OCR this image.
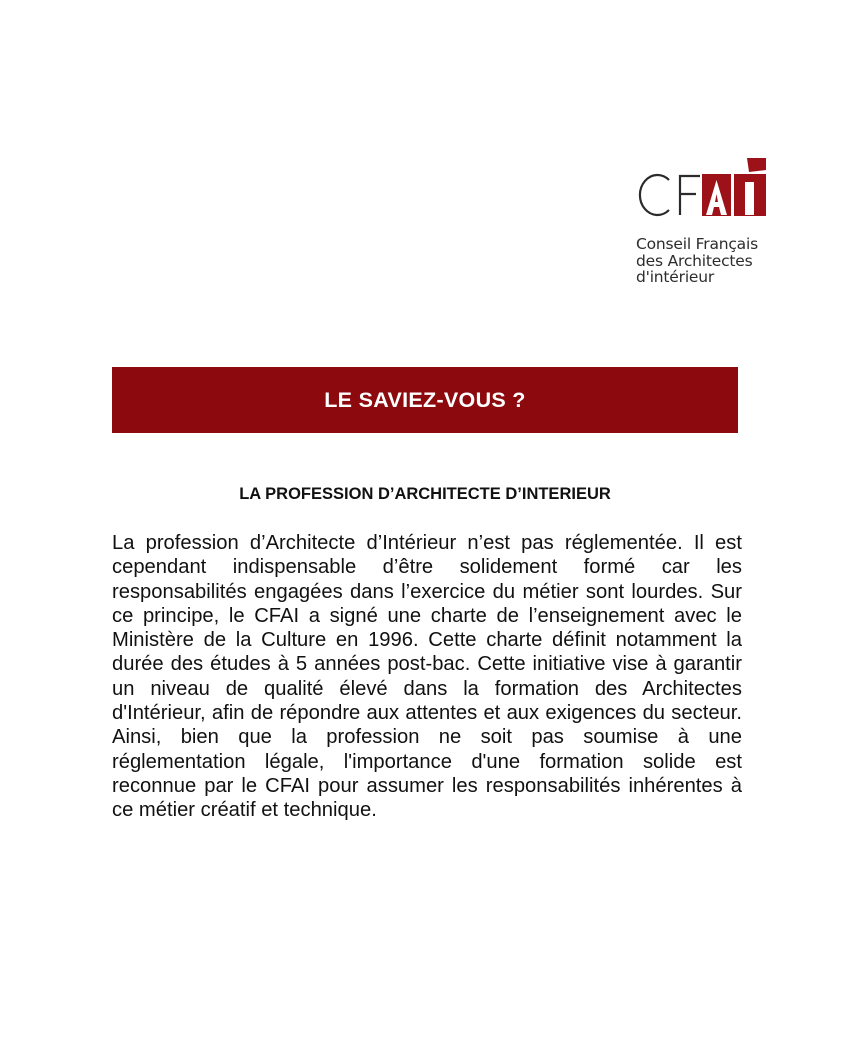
Conseil Français
des Architectes
d'intérieur
LE SAVIEZ-VOUS ?
LA PROFESSION D’ARCHITECTE D’INTERIEUR

La profession d’Architecte d’Intérieur n’est pas réglementée. Il est cependant indispensable d’être solidement formé car les responsabilités engagées dans l’exercice du métier sont lourdes. Sur ce principe, le CFAI a signé une charte de l’enseignement avec le Ministère de la Culture en 1996. Cette charte définit notamment la durée des études à 5 années post-bac. Cette initiative vise à garantir un niveau de qualité élevé dans la formation des Architectes d'Intérieur, afin de répondre aux attentes et aux exigences du secteur. Ainsi, bien que la profession ne soit pas soumise à une réglementation légale, l'importance d'une formation solide est reconnue par le CFAI pour assumer les responsabilités inhérentes à ce métier créatif et technique.
